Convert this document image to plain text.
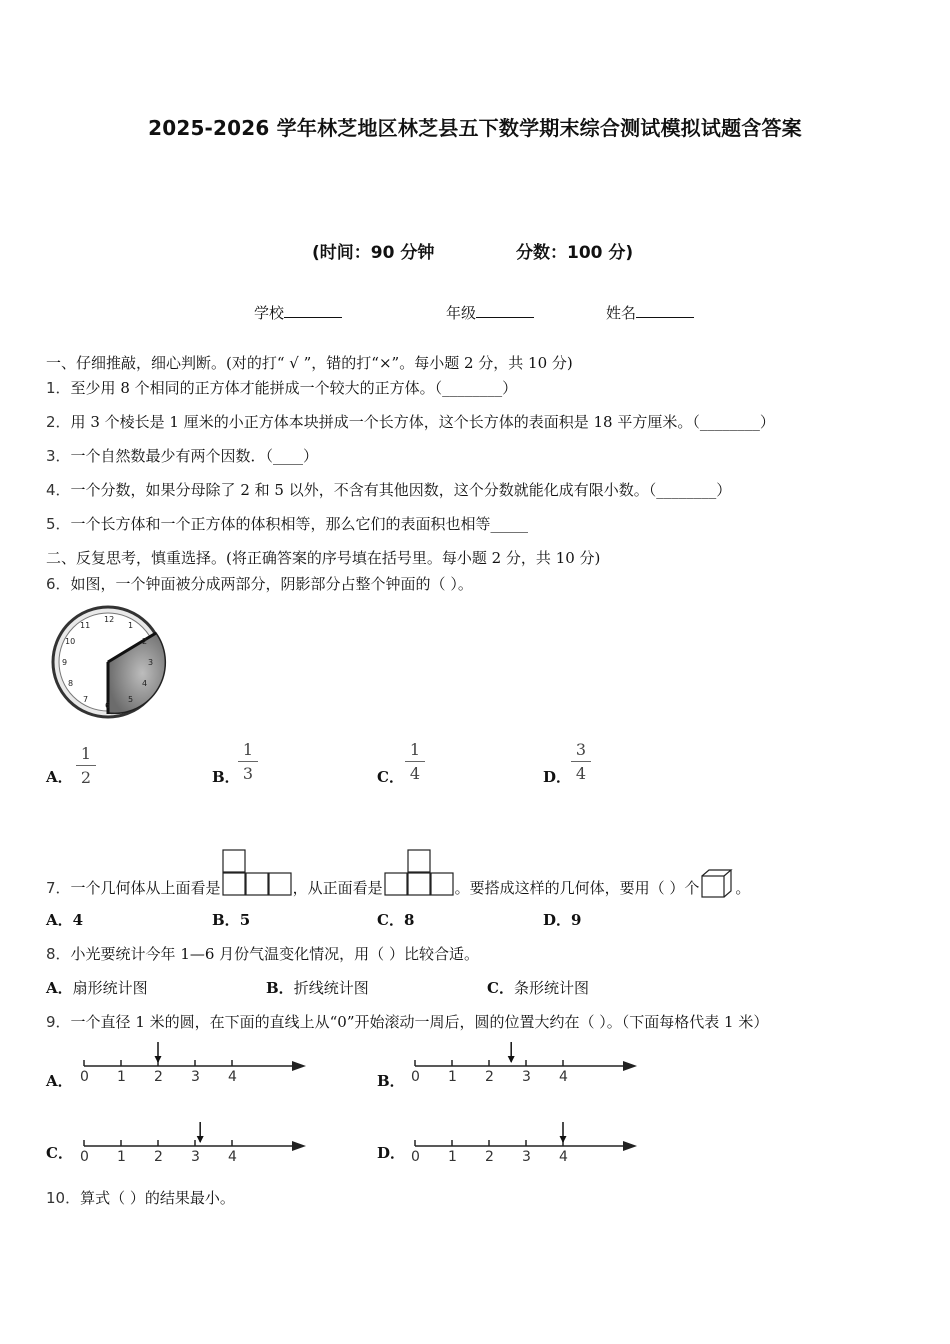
2025-2026 学年林芝地区林芝县五下数学期末综合测试模拟试题含答案
(时间：90 分钟	分数：100 分)
学校	年级	姓名
一、仔细推敲，细心判断。(对的打“ √ ”，错的打“×”。每小题 2 分，共 10 分)
1．至少用 8 个相同的正方体才能拼成一个较大的正方体。（________）
2．用 3 个棱长是 1 厘米的小正方体本块拼成一个长方体，这个长方体的表面积是 18 平方厘米。（________）
3．一个自然数最少有两个因数．（____）
4．一个分数，如果分母除了 2 和 5 以外，不含有其他因数，这个分数就能化成有限小数。（________）
5．一个长方体和一个正方体的体积相等，那么它们的表面积也相等_____
二、反复思考，慎重选择。(将正确答案的序号填在括号里。每小题 2 分，共 10 分)
6．如图，一个钟面被分成两部分，阴影部分占整个钟面的（ ）。
12
1
2
3
4
5
6
7
8
9
10
11
A．
1
2	B．
1
3	C．
1
4	D．
3
4
7．一个几何体从上面看是	，从正面看是	。要搭成这样的几何体，要用（ ）个 。
A．4	B．5	C．8	D．9
8．小光要统计今年 1—6 月份气温变化情况，用（ ）比较合适。
A．扇形统计图	B．折线统计图	C．条形统计图
9．一个直径 1 米的圆，在下面的直线上从“0”开始滚动一周后，圆的位置大约在（ ）。（下面每格代表 1 米）
A． 0 1 2 3 4	B． 0 1 2 3 4
C． 0 1 2 3 4	D． 0 1 2 3 4
10．算式（ ）的结果最小。
